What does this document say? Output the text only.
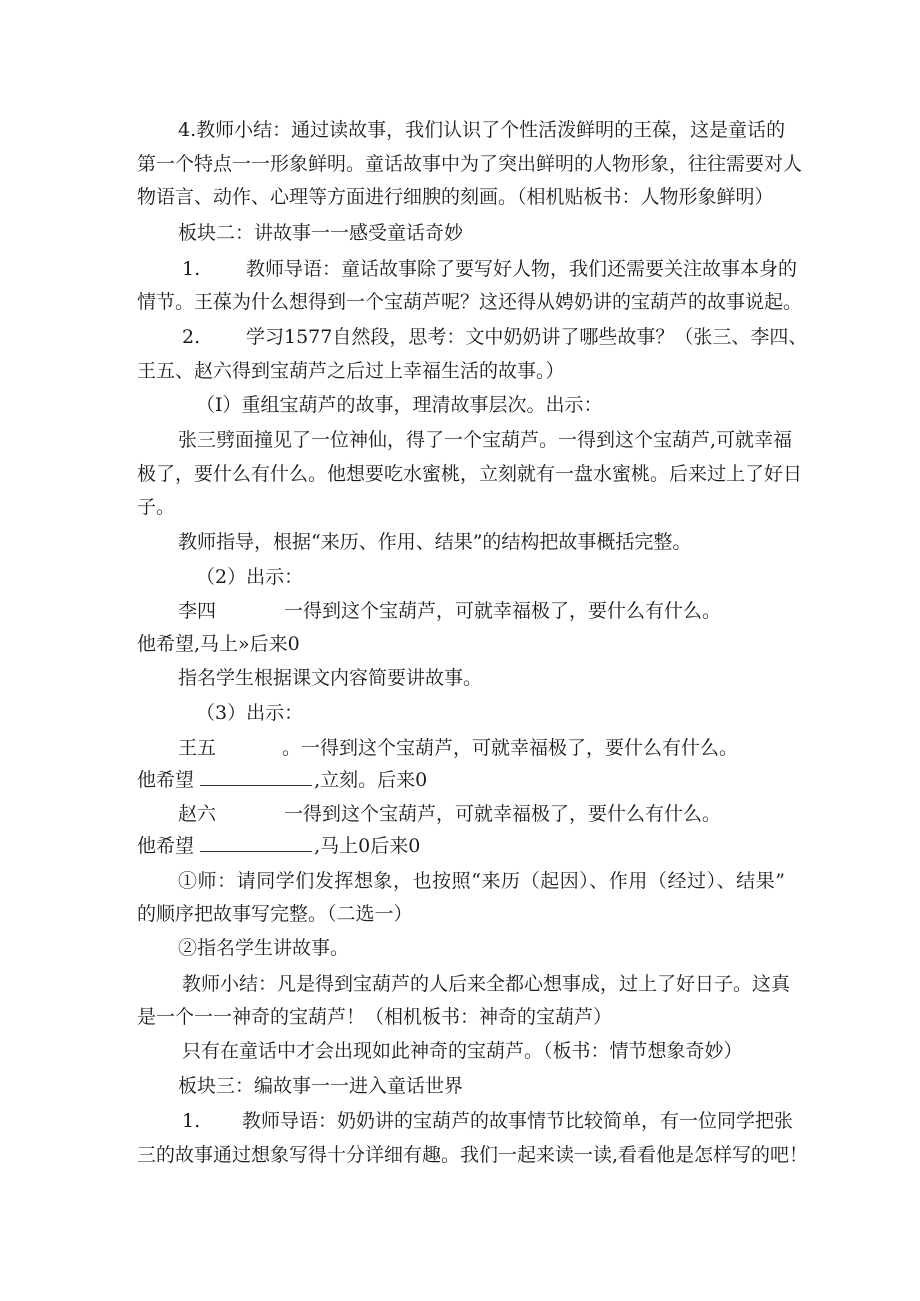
4.教师小结：通过读故事，我们认识了个性活泼鲜明的王葆，这是童话的
第一个特点一一形象鲜明。童话故事中为了突出鲜明的人物形象，往往需要对人
物语言、动作、心理等方面进行细腴的刻画。（相机贴板书：人物形象鲜明）
板块二：讲故事一一感受童话奇妙
1. 教师导语：童话故事除了要写好人物，我们还需要关注故事本身的
情节。王葆为什么想得到一个宝葫芦呢？这还得从娉奶讲的宝葫芦的故事说起。
2. 学习1577自然段，思考：文中奶奶讲了哪些故事？（张三、李四、
王五、赵六得到宝葫芦之后过上幸福生活的故事。）
（I）重组宝葫芦的故事，理清故事层次。出示：
张三劈面撞见了一位神仙，得了一个宝葫芦。一得到这个宝葫芦,可就幸福
极了，要什么有什么。他想要吃水蜜桃，立刻就有一盘水蜜桃。后来过上了好日
子。
教师指导，根据“来历、作用、结果”的结构把故事概括完整。
（2）出示：
李四	一得到这个宝葫芦，可就幸福极了，要什么有什么。
他希望,马上»后来0
指名学生根据课文内容简要讲故事。
（3）出示：
王五	。一得到这个宝葫芦，可就幸福极了，要什么有什么。
他希望	,立刻。后来0
赵六	一得到这个宝葫芦，可就幸福极了，要什么有什么。
他希望	,马上0后来0
①师：请同学们发挥想象，也按照“来历（起因）、作用（经过）、结果”
的顺序把故事写完整。（二选一）
②指名学生讲故事。
教师小结：凡是得到宝葫芦的人后来全都心想事成，过上了好日子。这真
是一个一一神奇的宝葫芦！（相机板书：神奇的宝葫芦）
只有在童话中才会出现如此神奇的宝葫芦。（板书：情节想象奇妙）
板块三：编故事一一进入童话世界
1. 教师导语：奶奶讲的宝葫芦的故事情节比较简单，有一位同学把张
三的故事通过想象写得十分详细有趣。我们一起来读一读,看看他是怎样写的吧！
